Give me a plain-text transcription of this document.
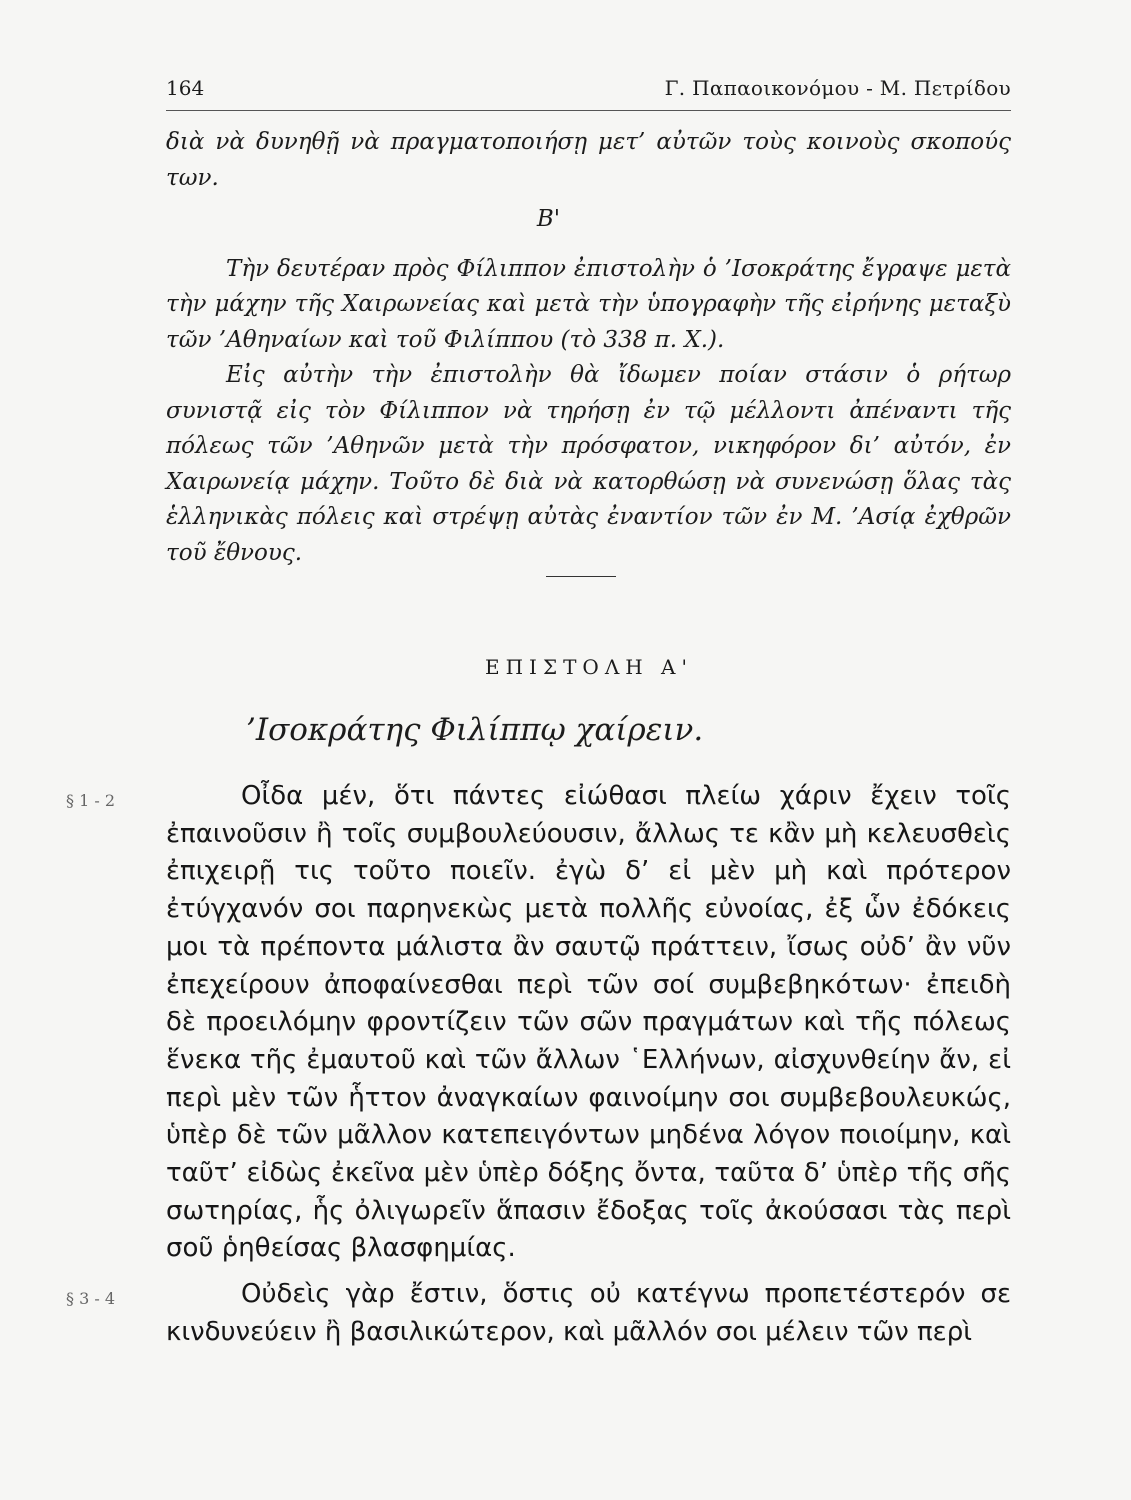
164	Γ. Παπαοικονόμου - Μ. Πετρίδου

διὰ νὰ δυνηθῇ νὰ πραγματοποιήσῃ μετ’ αὐτῶν τοὺς κοινοὺς σκοπούς των.

Β'

Τὴν δευτέραν πρὸς Φίλιππον ἐπιστολὴν ὁ ’Ισοκράτης ἔγραψε μετὰ τὴν μάχην τῆς Χαιρωνείας καὶ μετὰ τὴν ὑπογραφὴν τῆς εἰρήνης μεταξὺ τῶν ’Αθηναίων καὶ τοῦ Φιλίππου (τὸ 338 π. Χ.).

Εἰς αὐτὴν τὴν ἐπιστολὴν θὰ ἴδωμεν ποίαν στάσιν ὁ ρήτωρ συνιστᾷ εἰς τὸν Φίλιππον νὰ τηρήσῃ ἐν τῷ μέλλοντι ἀπέναντι τῆς πόλεως τῶν ’Αθηνῶν μετὰ τὴν πρόσφατον, νικηφόρον δι’ αὐτόν, ἐν Χαιρωνείᾳ μάχην. Τοῦτο δὲ διὰ νὰ κατορθώσῃ νὰ συνενώσῃ ὅλας τὰς ἑλληνικὰς πόλεις καὶ στρέψῃ αὐτὰς ἐναντίον τῶν ἐν Μ. ’Ασίᾳ ἐχθρῶν τοῦ ἔθνους.

ΕΠΙΣΤΟΛΗ Α'
’Ισοκράτης Φιλίππῳ χαίρειν.

§ 1 - 2	Οἶδα μέν, ὅτι πάντες εἰώθασι πλείω χάριν ἔχειν τοῖς ἐπαινοῦσιν ἢ τοῖς συμβουλεύουσιν, ἄλλως τε κἂν μὴ κελευσθεὶς ἐπιχειρῇ τις τοῦτο ποιεῖν. ἐγὼ δ’ εἰ μὲν μὴ καὶ πρότερον ἐτύγχανόν σοι παρηνεκὼς μετὰ πολλῆς εὐνοίας, ἐξ ὧν ἐδόκεις μοι τὰ πρέποντα μάλιστα ἂν σαυτῷ πράττειν, ἴσως οὐδ’ ἂν νῦν ἐπεχείρουν ἀποφαίνεσθαι περὶ τῶν σοί συμβεβηκότων· ἐπειδὴ δὲ προειλόμην φροντίζειν τῶν σῶν πραγμάτων καὶ τῆς πόλεως ἕνεκα τῆς ἐμαυτοῦ καὶ τῶν ἄλλων ῾Ελλήνων, αἰσχυνθείην ἄν, εἰ περὶ μὲν τῶν ἧττον ἀναγκαίων φαινοίμην σοι συμβεβουλευκώς, ὑπὲρ δὲ τῶν μᾶλλον κατεπειγόντων μηδένα λόγον ποιοίμην, καὶ ταῦτ’ εἰδὼς ἐκεῖνα μὲν ὑπὲρ δόξης ὄντα, ταῦτα δ’ ὑπὲρ τῆς σῆς σωτηρίας, ἧς ὀλιγωρεῖν ἅπασιν ἔδοξας τοῖς ἀκούσασι τὰς περὶ σοῦ ῥηθείσας βλασφημίας.

§ 3 - 4	Οὐδεὶς γὰρ ἔστιν, ὅστις οὐ κατέγνω προπετέστερόν σε κινδυνεύειν ἢ βασιλικώτερον, καὶ μᾶλλόν σοι μέλειν τῶν περὶ
